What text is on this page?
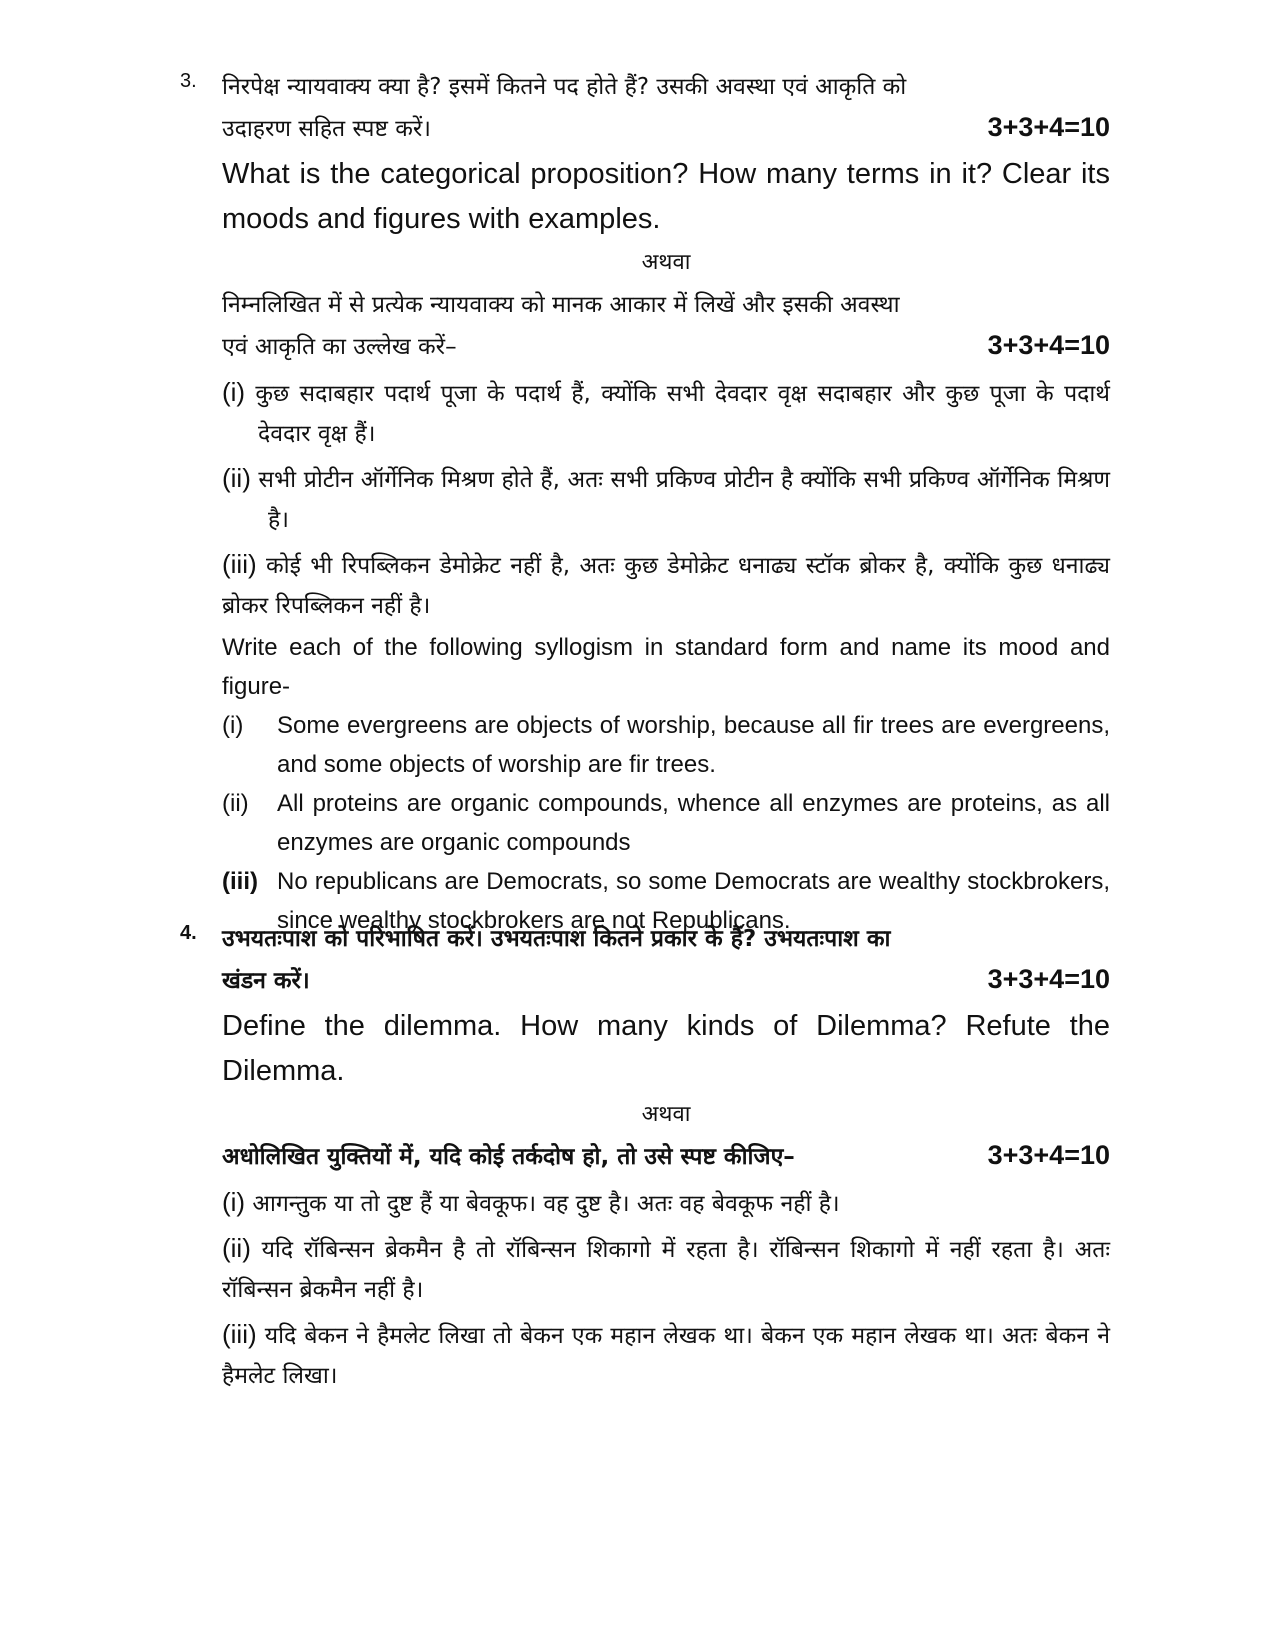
3. निरपेक्ष न्यायवाक्य क्या है? इसमें कितने पद होते हैं? उसकी अवस्था एवं आकृति को
उदाहरण सहित स्पष्ट करें।	3+3+4=10
What is the categorical proposition? How many terms in it? Clear its moods and figures with examples.
अथवा
निम्नलिखित में से प्रत्येक न्यायवाक्य को मानक आकार में लिखें और इसकी अवस्था
एवं आकृति का उल्लेख करें–	3+3+4=10
(i) कुछ सदाबहार पदार्थ पूजा के पदार्थ हैं, क्योंकि सभी देवदार वृक्ष सदाबहार और कुछ पूजा के पदार्थ देवदार वृक्ष हैं।
(ii) सभी प्रोटीन ऑर्गेनिक मिश्रण होते हैं, अतः सभी प्रकिण्व प्रोटीन है क्योंकि सभी प्रकिण्व ऑर्गेनिक मिश्रण है।
(iii) कोई भी रिपब्लिकन डेमोक्रेट नहीं है, अतः कुछ डेमोक्रेट धनाढ्य स्टॉक ब्रोकर है, क्योंकि कुछ धनाढ्य ब्रोकर रिपब्लिकन नहीं है।
Write each of the following syllogism in standard form and name its mood and figure-
(i)	Some evergreens are objects of worship, because all fir trees are evergreens, and some objects of worship are fir trees.
(ii)	All proteins are organic compounds, whence all enzymes are proteins, as all enzymes are organic compounds
(iii) No republicans are Democrats, so some Democrats are wealthy stockbrokers, since wealthy stockbrokers are not Republicans.
4. उभयतःपाश को परिभाषित करें। उभयतःपाश कितने प्रकार के हैं? उभयतःपाश का
खंडन करें।	3+3+4=10
Define the dilemma. How many kinds of Dilemma? Refute the Dilemma.
अथवा
अधोलिखित युक्तियों में, यदि कोई तर्कदोष हो, तो उसे स्पष्ट कीजिए–	3+3+4=10
(i) आगन्तुक या तो दुष्ट हैं या बेवकूफ। वह दुष्ट है। अतः वह बेवकूफ नहीं है।
(ii) यदि रॉबिन्सन ब्रेकमैन है तो रॉबिन्सन शिकागो में रहता है। रॉबिन्सन शिकागो में नहीं रहता है। अतः रॉबिन्सन ब्रेकमैन नहीं है।
(iii) यदि बेकन ने हैमलेट लिखा तो बेकन एक महान लेखक था। बेकन एक महान लेखक था। अतः बेकन ने हैमलेट लिखा।
